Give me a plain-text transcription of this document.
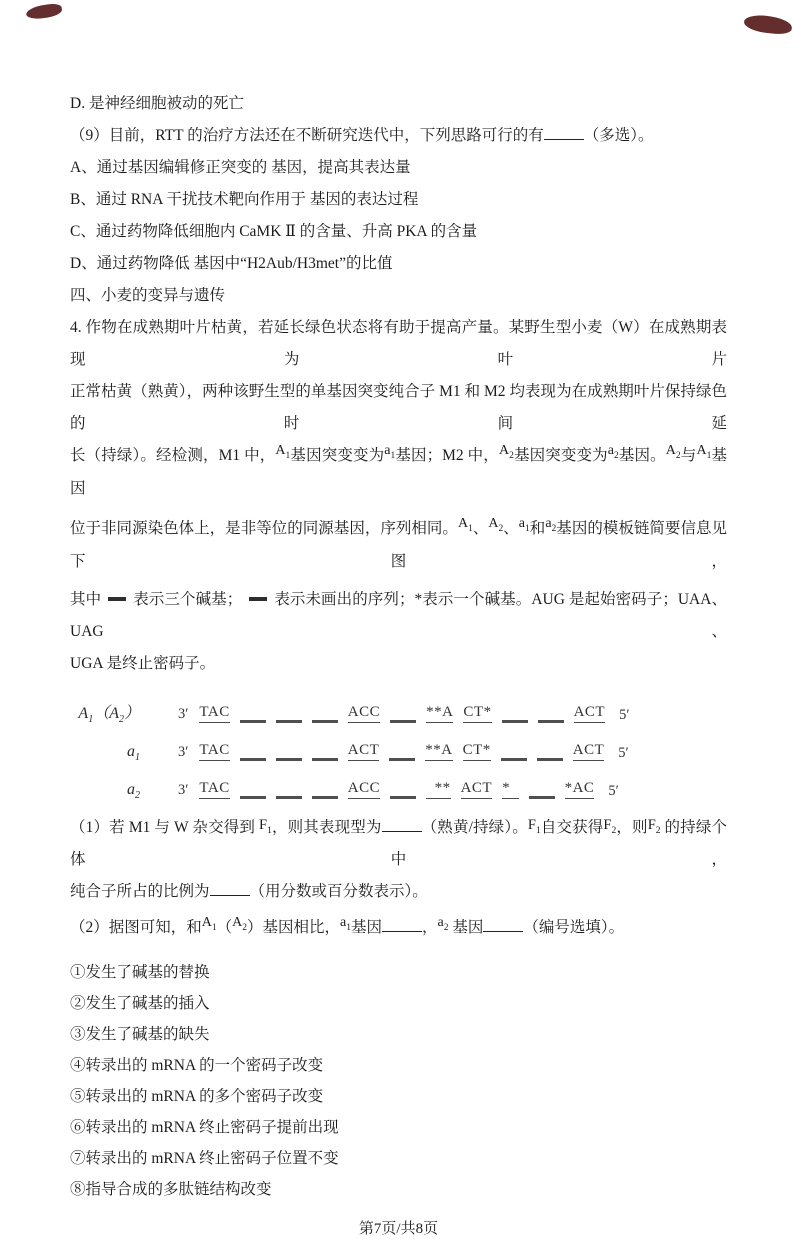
D. 是神经细胞被动的死亡

（9）目前，RTT 的治疗方法还在不断研究迭代中，下列思路可行的有	（多选）。

A、通过基因编辑修正突变的 基因，提高其表达量

B、通过 RNA 干扰技术靶向作用于 基因的表达过程

C、通过药物降低细胞内 CaMK Ⅱ 的含量、升高 PKA 的含量

D、通过药物降低 基因中“H2Aub/H3met”的比值

四、小麦的变异与遗传

4. 作物在成熟期叶片枯黄，若延长绿色状态将有助于提高产量。某野生型小麦（W）在成熟期表现为叶片

正常枯黄（熟黄），两种该野生型的单基因突变纯合子 M1 和 M2 均表现为在成熟期叶片保持绿色的时间延

长（持绿）。经检测，M1 中，$A_1$基因突变变为$a_1$基因；M2 中，$A_2$基因突变变为$a_2$基因。$A_2$与$A_1$基因

位于非同源染色体上，是非等位的同源基因，序列相同。$A_1$、$A_2$、$a_1$和$a_2$基因的模板链简要信息见下图，

其中 表示三个碱基； 表示未画出的序列；*表示一个碱基。AUG 是起始密码子；UAA、UAG、

UGA 是终止密码子。

$A_1(A_2)$	3′ TAC	ACC	**A CT*	ACT 5′
$a_1$	3′ TAC	ACT	**A CT*	ACT 5′
$a_2$	3′ TAC	ACC	** ACT *	*AC 5′

（1）若 M1 与 W 杂交得到 $F_1$，则其表现型为	（熟黄/持绿）。$F_1$自交获得$F_2$，则$F_2$ 的持绿个体中，

纯合子所占的比例为	（用分数或百分数表示）。

（2）据图可知，和$A_1(A_2)$基因相比，$a_1$基因	，$a_2$ 基因	（编号选填）。

①发生了碱基的替换

②发生了碱基的插入

③发生了碱基的缺失

④转录出的 mRNA 的一个密码子改变

⑤转录出的 mRNA 的多个密码子改变

⑥转录出的 mRNA 终止密码子提前出现

⑦转录出的 mRNA 终止密码子位置不变

⑧指导合成的多肽链结构改变

第7页/共8页
